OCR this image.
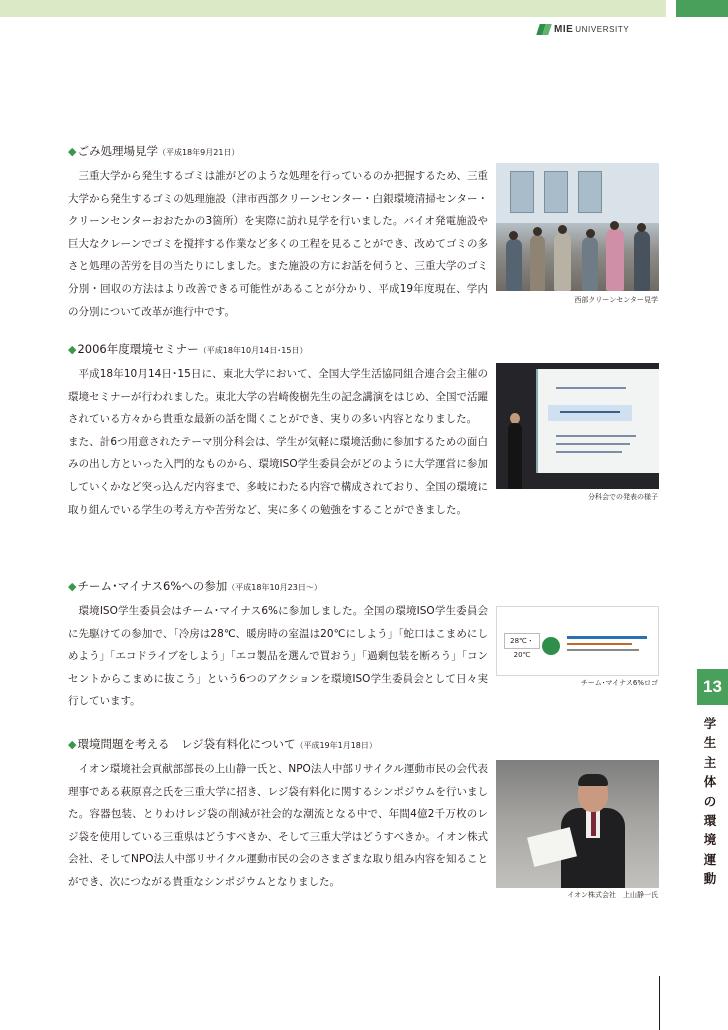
MIE UNIVERSITY
◆ごみ処理場見学（平成18年9月21日）

三重大学から発生するゴミは誰がどのような処理を行っているのか把握するため、三重大学から発生するゴミの処理施設（津市西部クリーンセンター・白銀環境清掃センター・クリーンセンターおおたかの3箇所）を実際に訪れ見学を行いました。バイオ発電施設や巨大なクレーンでゴミを撹拌する作業など多くの工程を見ることができ、改めてゴミの多さと処理の苦労を目の当たりにしました。また施設の方にお話を伺うと、三重大学のゴミ分別・回収の方法はより改善できる可能性があることが分かり、平成19年度現在、学内の分別について改革が進行中です。

西部クリーンセンター見学
◆2006年度環境セミナー（平成18年10月14日･15日）

平成18年10月14日･15日に、東北大学において、全国大学生活協同組合連合会主催の環境セミナーが行われました。東北大学の岩崎俊樹先生の記念講演をはじめ、全国で活躍されている方々から貴重な最新の話を聞くことができ、実りの多い内容となりました。

また、計6つ用意されたテーマ別分科会は、学生が気軽に環境活動に参加するための面白みの出し方といった入門的なものから、環境ISO学生委員会がどのように大学運営に参加していくかなど突っ込んだ内容まで、多岐にわたる内容で構成されており、全国の環境に取り組んでいる学生の考え方や苦労など、実に多くの勉強をすることができました。

分科会での発表の様子
◆チーム･マイナス6%への参加（平成18年10月23日～）

環境ISO学生委員会はチーム･マイナス6%に参加しました。全国の環境ISO学生委員会に先駆けての参加で、「冷房は28℃、暖房時の室温は20℃にしよう」「蛇口はこまめにしめよう」「エコドライブをしよう」「エコ製品を選んで買おう」「過剰包装を断ろう」「コンセントからこまめに抜こう」という6つのアクションを環境ISO学生委員会として日々実行しています。

28℃・20℃
チーム･マイナス6%ロゴ
◆環境問題を考える　レジ袋有料化について（平成19年1月18日）

イオン環境社会貢献部部長の上山静一氏と、NPO法人中部リサイクル運動市民の会代表理事である萩原喜之氏を三重大学に招き、レジ袋有料化に関するシンポジウムを行いました。容器包装、とりわけレジ袋の削減が社会的な潮流となる中で、年間4億2千万枚のレジ袋を使用している三重県はどうすべきか、そして三重大学はどうすべきか。イオン株式会社、そしてNPO法人中部リサイクル運動市民の会のさまざまな取り組み内容を知ることができ、次につながる貴重なシンポジウムとなりました。

イオン株式会社　上山静一氏
13
学生主体の環境運動
